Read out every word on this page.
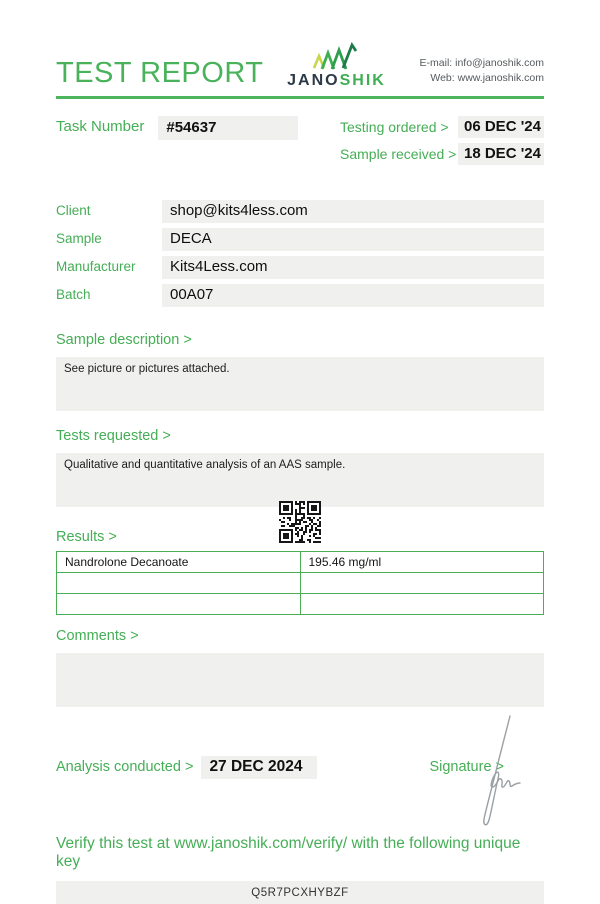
TEST REPORT JANOSHIK
E-mail: info@janoshik.com
Web: www.janoshik.com
Task Number	#54637	Testing ordered >	06 DEC '24
Sample received > 18 DEC '24
Client	shop@kits4less.com
Sample	DECA
Manufacturer	Kits4Less.com
Batch	00A07
Sample description >
See picture or pictures attached.
Tests requested >
Qualitative and quantitative analysis of an AAS sample.
Results >
Nandrolone Decanoate	195.46 mg/ml

Comments >
Analysis conducted >	27 DEC 2024	Signature >
Verify this test at www.janoshik.com/verify/ with the following unique key
Q5R7PCXHYBZF
